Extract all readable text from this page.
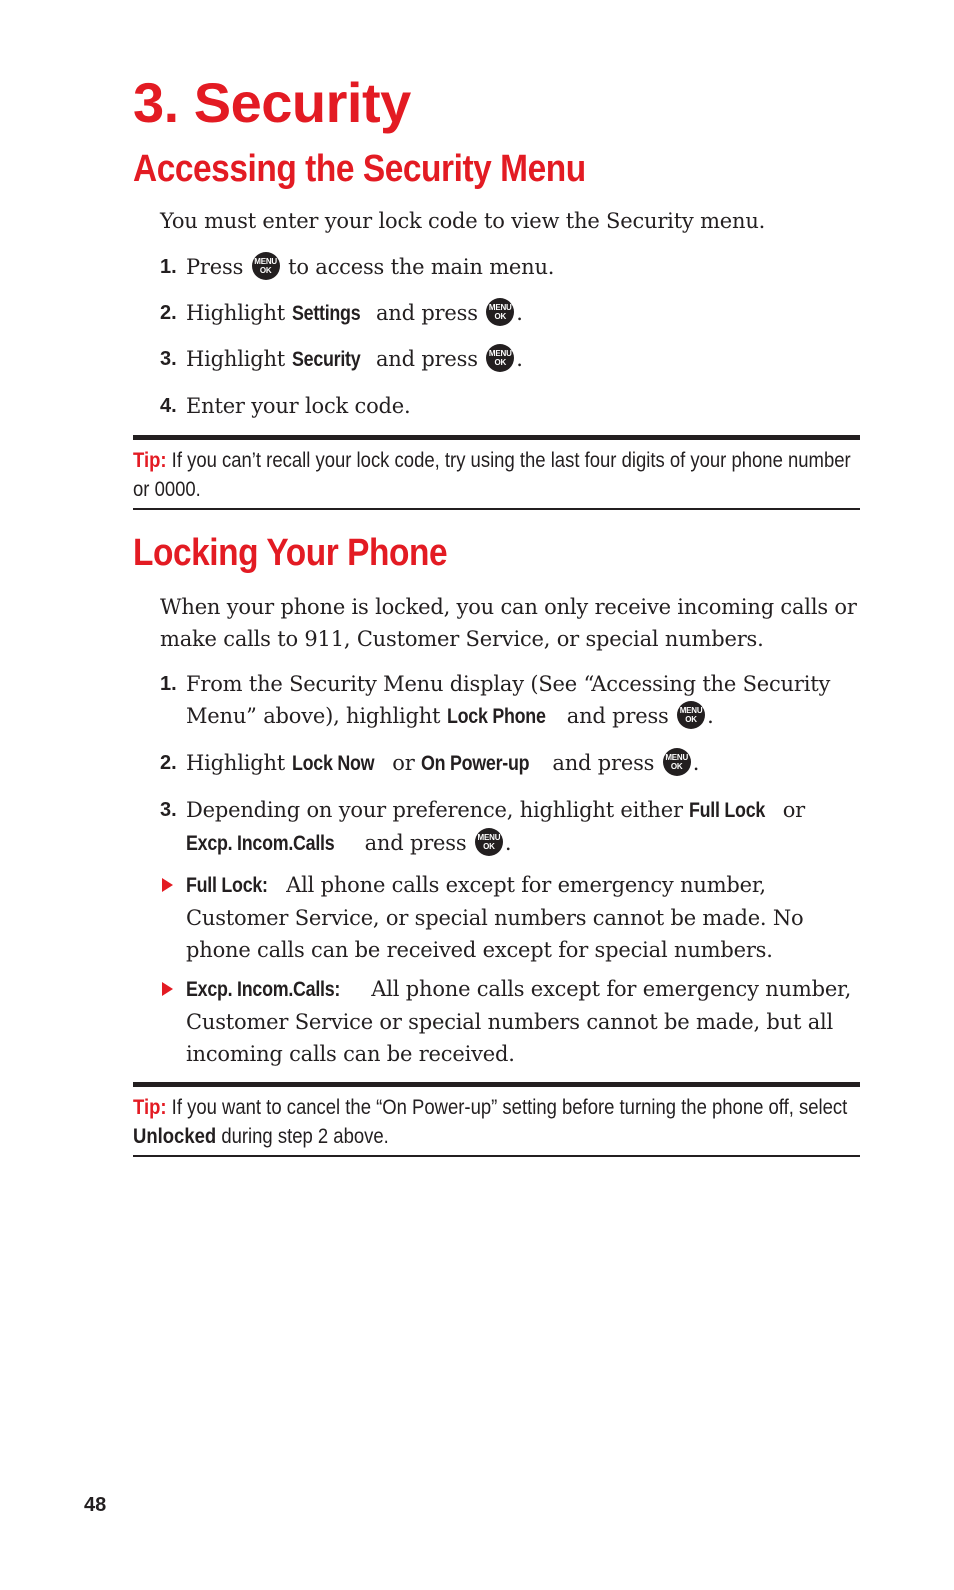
3. Security
Accessing the Security Menu

You must enter your lock code to view the Security menu.

1. Press	MENU
OK to access the main menu.
2. Highlight Settings and press	MENU
OK .
3. Highlight Security and press	MENU
OK .
4. Enter your lock code.

Tip: If you can’t recall your lock code, try using the last four digits of your phone number or 0000.

Locking Your Phone

When your phone is locked, you can only receive incoming calls or make calls to 911, Customer Service, or special numbers.

1. From the Security Menu display (See “Accessing the Security Menu” above), highlight Lock Phone and press	MENU
OK .
2. Highlight Lock Now or On Power-up and press	MENU
OK .
3. Depending on your preference, highlight either Full Lock or
Excp. Incom.Calls and press	MENU
OK .
Full Lock: All phone calls except for emergency number, Customer Service, or special numbers cannot be made. No phone calls can be received except for special numbers.
Excp. Incom.Calls: All phone calls except for emergency number, Customer Service or special numbers cannot be made, but all incoming calls can be received.

Tip: If you want to cancel the “On Power-up” setting before turning the phone off, select Unlocked during step 2 above.

48
